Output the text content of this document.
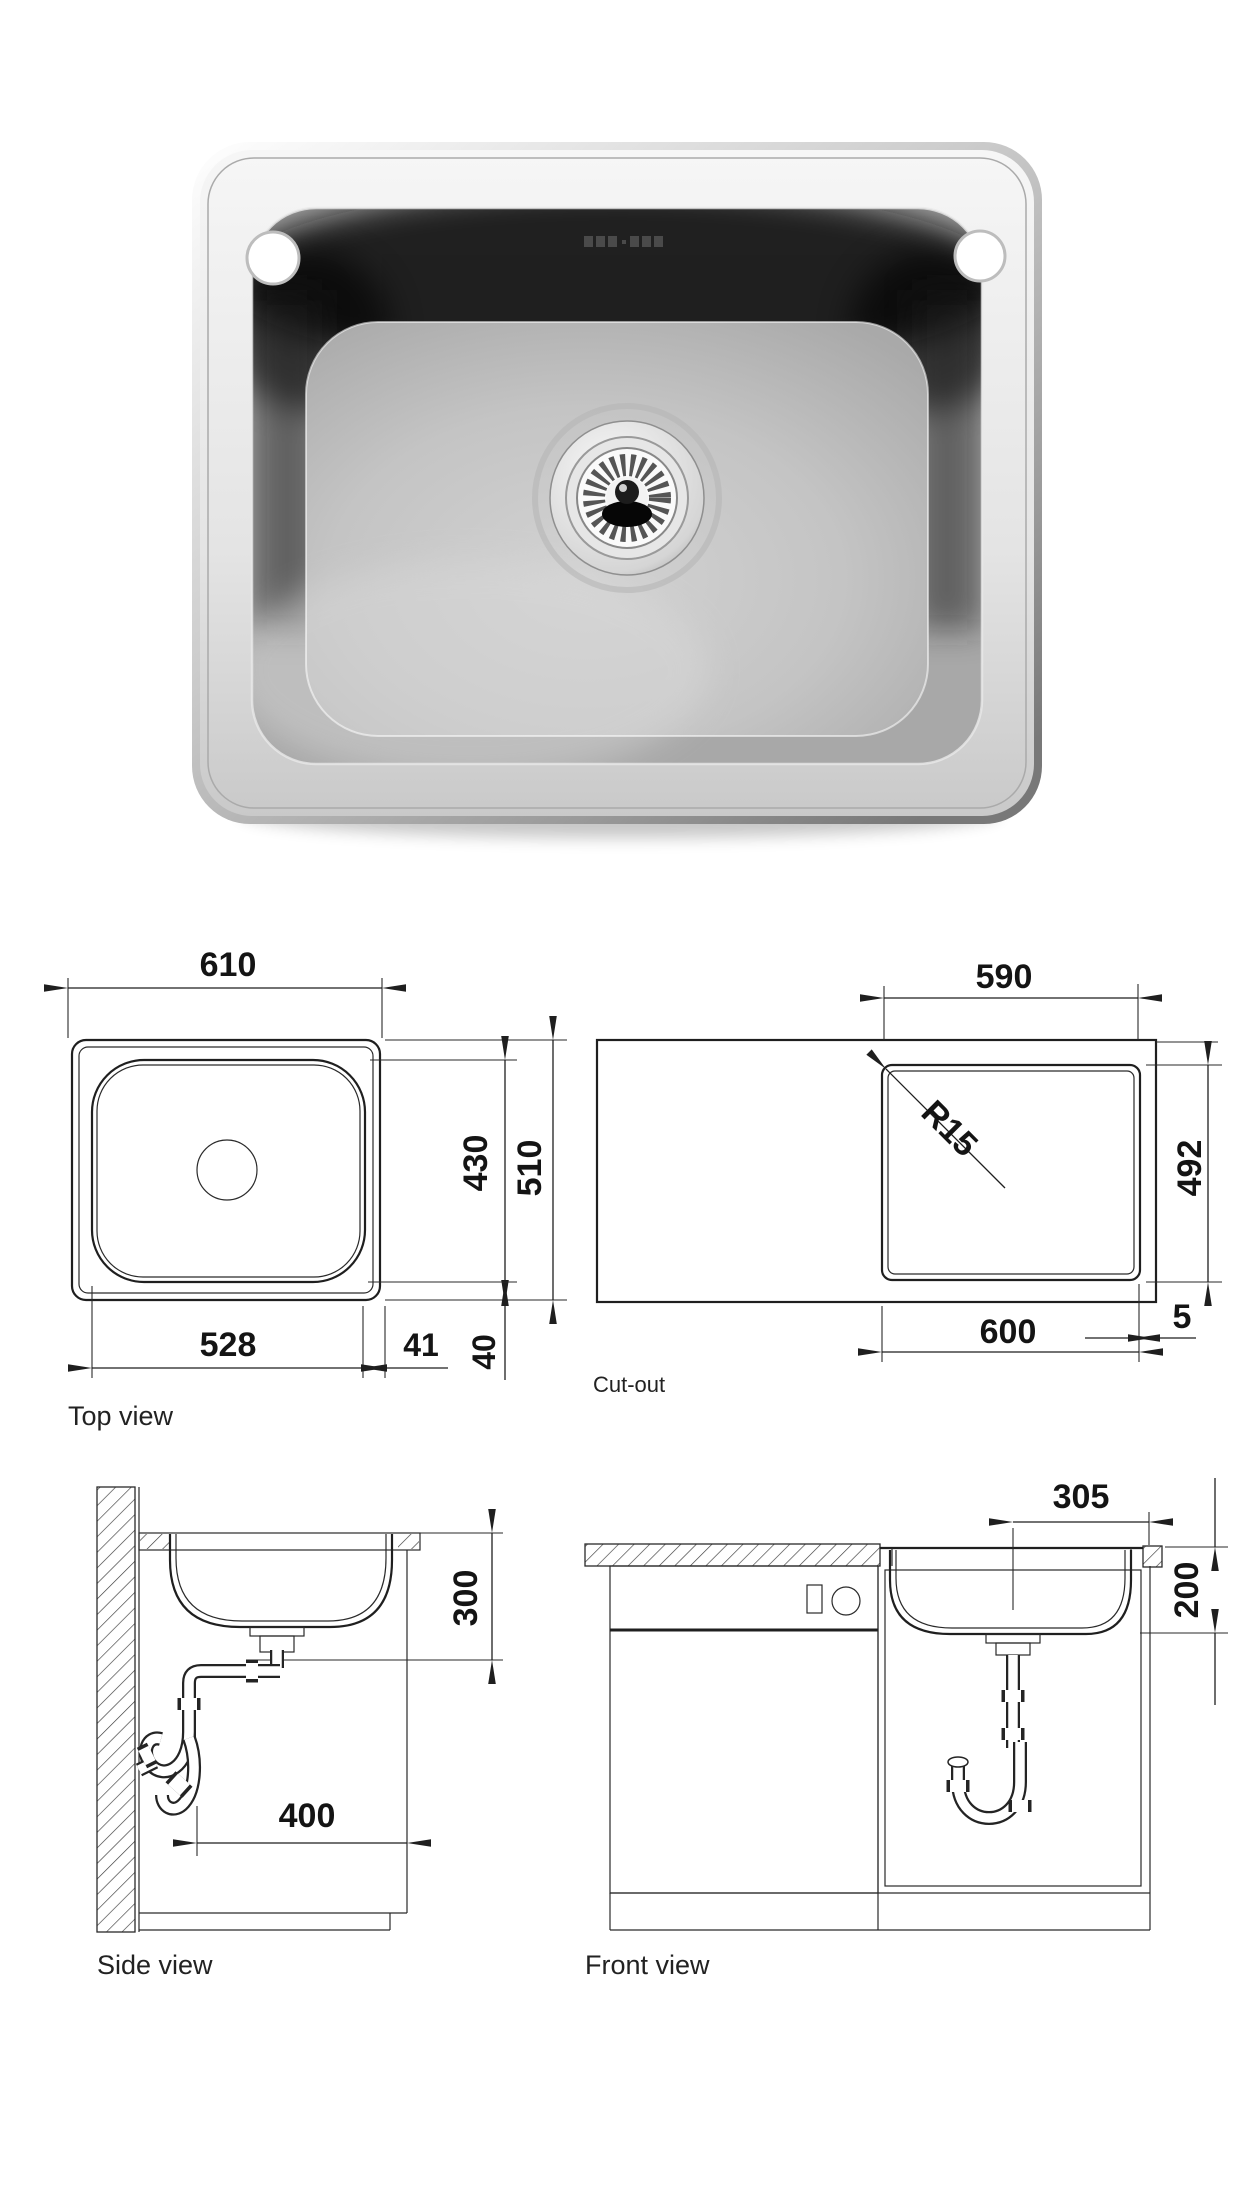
610
528	41 40
430 510
Top view
R15
590
492
600	5
Cut-out
300
400
Side view
305
200
Front view
